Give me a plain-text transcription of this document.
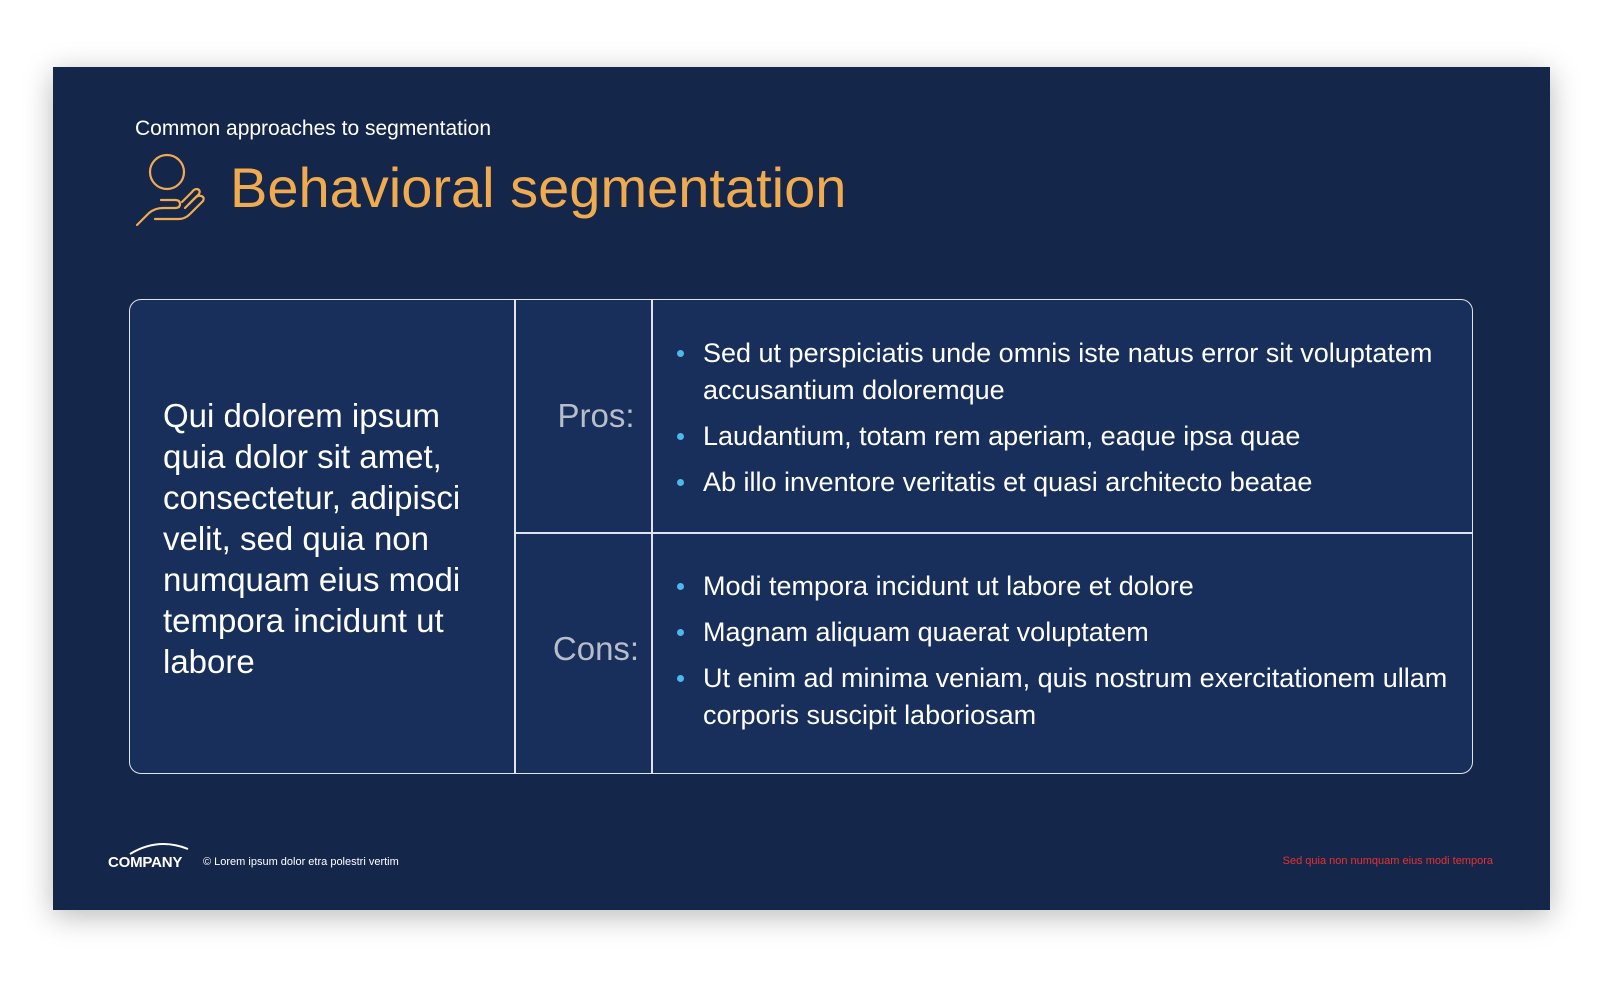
Common approaches to segmentation
Behavioral segmentation
Qui dolorem ipsum quia dolor sit amet, consectetur, adipisci velit, sed quia non numquam eius modi tempora incidunt ut labore
Pros:
Sed ut perspiciatis unde omnis iste natus error sit voluptatem accusantium doloremque
Laudantium, totam rem aperiam, eaque ipsa quae
Ab illo inventore veritatis et quasi architecto beatae
Cons:
Modi tempora incidunt ut labore et dolore
Magnam aliquam quaerat voluptatem
Ut enim ad minima veniam, quis nostrum exercitationem ullam corporis suscipit laboriosam
COMPANY © Lorem ipsum dolor etra polestri vertim	Sed quia non numquam eius modi tempora
